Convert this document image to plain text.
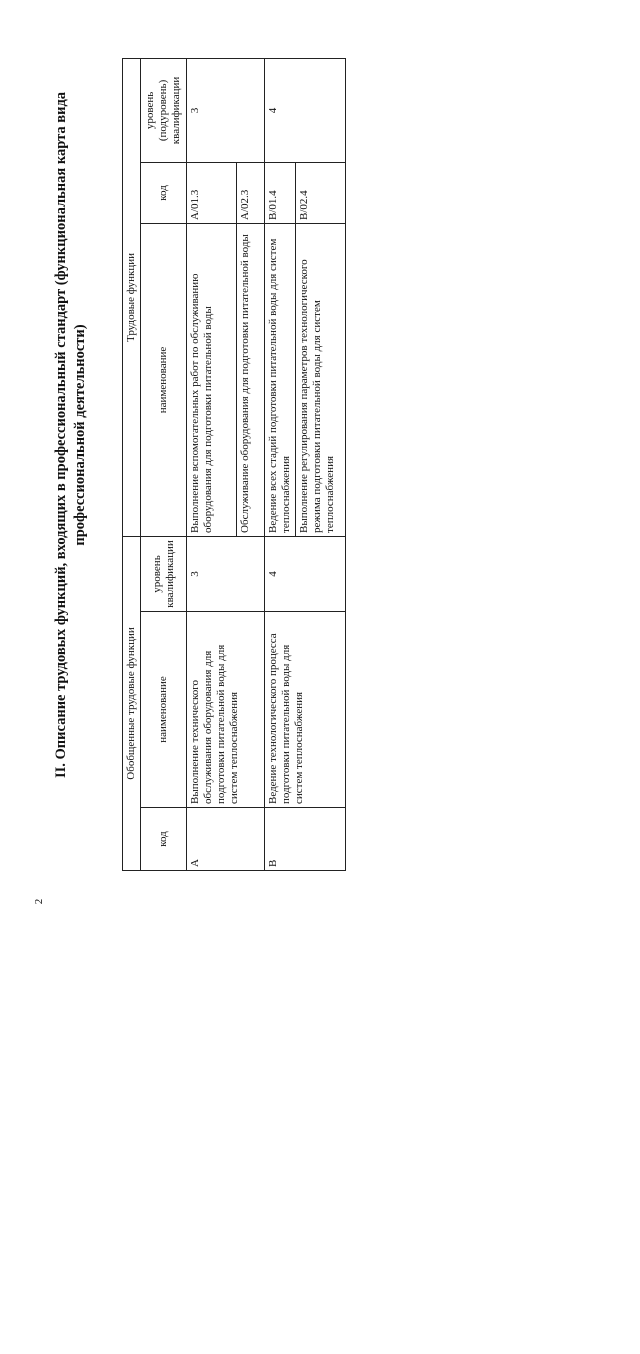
2
II. Описание трудовых функций, входящих в профессиональный стандарт (функциональная карта вида профессиональной деятельности)
Обобщенные трудовые функции			Трудовые функции		
код	наименование	уровень квалификации	наименование	код	уровень (подуровень) квалификации
A	Выполнение технического обслуживания оборудования для подготовки питательной воды для систем теплоснабжения	3	Выполнение вспомогательных работ по обслуживанию оборудования для подготовки питательной воды	A/01.3	3
			Обслуживание оборудования для подготовки питательной воды	A/02.3	
B	Ведение технологического процесса подготовки питательной воды для систем теплоснабжения	4	Ведение всех стадий подготовки питательной воды для систем теплоснабжения	B/01.4	4
			Выполнение регулирования параметров технологического режима подготовки питательной воды для систем теплоснабжения	B/02.4	
